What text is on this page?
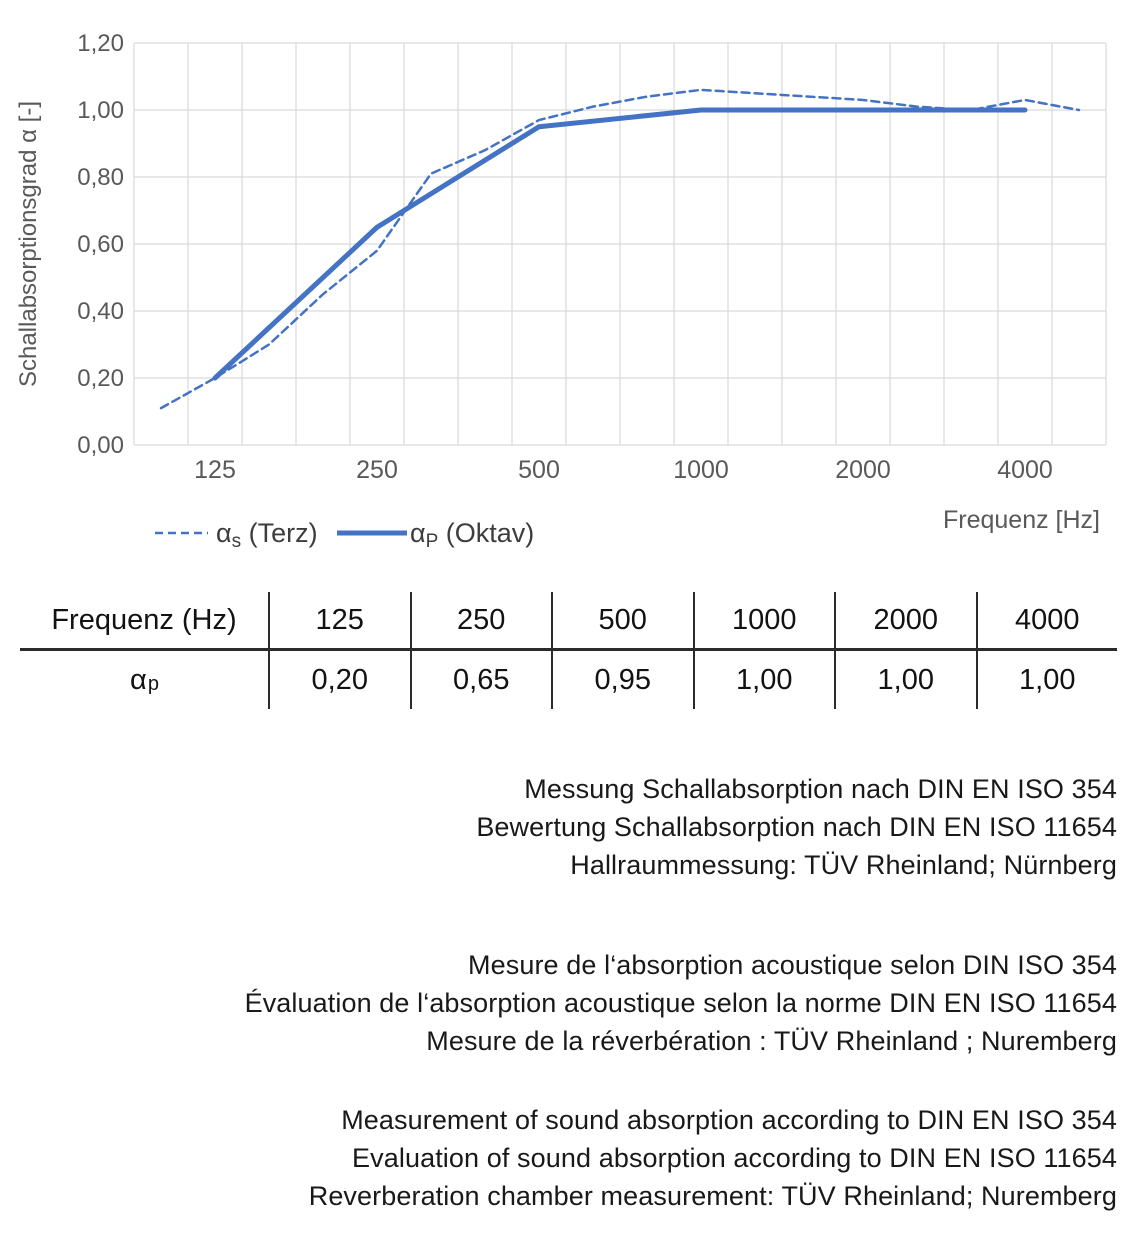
0,00
0,20
0,40
0,60
0,80
1,00
1,20
125	250	500	1000	2000	4000
Schallabsorptionsgrad α [-]
Frequenz [Hz]
αs (Terz)	αP (Oktav)
Frequenz (Hz)	125	250	500	1000	2000	4000
$\alpha_p$	0,20	0,65	0,95	1,00	1,00	1,00
Messung Schallabsorption nach DIN EN ISO 354
Bewertung Schallabsorption nach DIN EN ISO 11654
Hallraummessung: TÜV Rheinland; Nürnberg
Mesure de l‘absorption acoustique selon DIN ISO 354
Évaluation de l‘absorption acoustique selon la norme DIN EN ISO 11654
Mesure de la réverbération : TÜV Rheinland ; Nuremberg
Measurement of sound absorption according to DIN EN ISO 354
Evaluation of sound absorption according to DIN EN ISO 11654
Reverberation chamber measurement: TÜV Rheinland; Nuremberg
